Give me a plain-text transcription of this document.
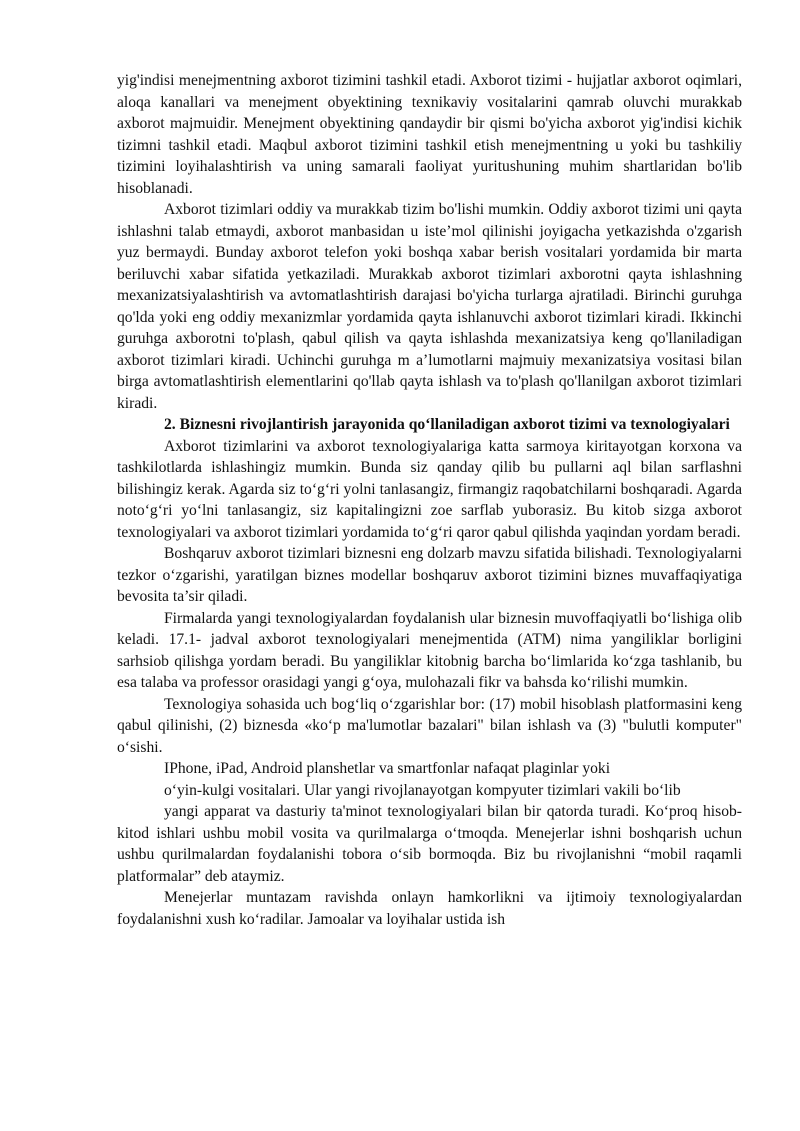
yig'indisi menejmentning axborot tizimini tashkil etadi. Axborot tizimi - hujjatlar axborot oqimlari, aloqa kanallari va menejment obyektining texnikaviy vositalarini qamrab oluvchi murakkab axborot majmuidir. Menejment obyektining qandaydir bir qismi bo'yicha axborot yig'indisi kichik tizimni tashkil etadi. Maqbul axborot tizimini tashkil etish menejmentning u yoki bu tashkiliy tizimini loyihalashtirish va uning samarali faoliyat yuritushuning muhim shartlaridan bo'lib hisoblanadi.

Axborot tizimlari oddiy va murakkab tizim bo'lishi mumkin. Oddiy axborot tizimi uni qayta ishlashni talab etmaydi, axborot manbasidan u iste’mol qilinishi joyigacha yetkazishda o'zgarish yuz bermaydi. Bunday axborot telefon yoki boshqa xabar berish vositalari yordamida bir marta beriluvchi xabar sifatida yetkaziladi. Murakkab axborot tizimlari axborotni qayta ishlashning mexanizatsiyalashtirish va avtomatlashtirish darajasi bo'yicha turlarga ajratiladi. Birinchi guruhga qo'lda yoki eng oddiy mexanizmlar yordamida qayta ishlanuvchi axborot tizimlari kiradi. Ikkinchi guruhga axborotni to'plash, qabul qilish va qayta ishlashda mexanizatsiya keng qo'llaniladigan axborot tizimlari kiradi. Uchinchi guruhga m a’lumotlarni majmuiy mexanizatsiya vositasi bilan birga avtomatlashtirish elementlarini qo'llab qayta ishlash va to'plash qo'llanilgan axborot tizimlari kiradi.

2. Biznesni rivojlantirish jarayonida qo‘llaniladigan axborot tizimi va texnologiyalari

Axborot tizimlarini va axborot texnologiyalariga katta sarmoya kiritayotgan korxona va tashkilotlarda ishlashingiz mumkin. Bunda siz qanday qilib bu pullarni aql bilan sarflashni bilishingiz kerak. Agarda siz to‘g‘ri yolni tanlasangiz, firmangiz raqobatchilarni boshqaradi. Agarda noto‘g‘ri yo‘lni tanlasangiz, siz kapitalingizni zoe sarflab yuborasiz. Bu kitob sizga axborot texnologiyalari va axborot tizimlari yordamida to‘g‘ri qaror qabul qilishda yaqindan yordam beradi.

Boshqaruv axborot tizimlari biznesni eng dolzarb mavzu sifatida bilishadi. Texnologiyalarni tezkor o‘zgarishi, yaratilgan biznes modellar boshqaruv axborot tizimini biznes muvaffaqiyatiga bevosita ta’sir qiladi.

Firmalarda yangi texnologiyalardan foydalanish ular biznesin muvoffaqiyatli bo‘lishiga olib keladi. 17.1- jadval axborot texnologiyalari menejmentida (ATM) nima yangiliklar borligini sarhsiob qilishga yordam beradi. Bu yangiliklar kitobnig barcha bo‘limlarida ko‘zga tashlanib, bu esa talaba va professor orasidagi yangi g‘oya, mulohazali fikr va bahsda ko‘rilishi mumkin.

Texnologiya sohasida uch bog‘liq o‘zgarishlar bor: (17) mobil hisoblash platformasini keng qabul qilinishi, (2) biznesda «ko‘p ma'lumotlar bazalari" bilan ishlash va (3) "bulutli komputer" o‘sishi.

IPhone, iPad, Android planshetlar va smartfonlar nafaqat plaginlar yoki

o‘yin-kulgi vositalari. Ular yangi rivojlanayotgan kompyuter tizimlari vakili bo‘lib

yangi apparat va dasturiy ta'minot texnologiyalari bilan bir qatorda turadi. Ko‘proq hisob-kitod ishlari ushbu mobil vosita va qurilmalarga o‘tmoqda. Menejerlar ishni boshqarish uchun ushbu qurilmalardan foydalanishi tobora o‘sib bormoqda. Biz bu rivojlanishni “mobil raqamli platformalar” deb ataymiz.

Menejerlar muntazam ravishda onlayn hamkorlikni va ijtimoiy texnologiyalardan foydalanishni xush ko‘radilar. Jamoalar va loyihalar ustida ish
